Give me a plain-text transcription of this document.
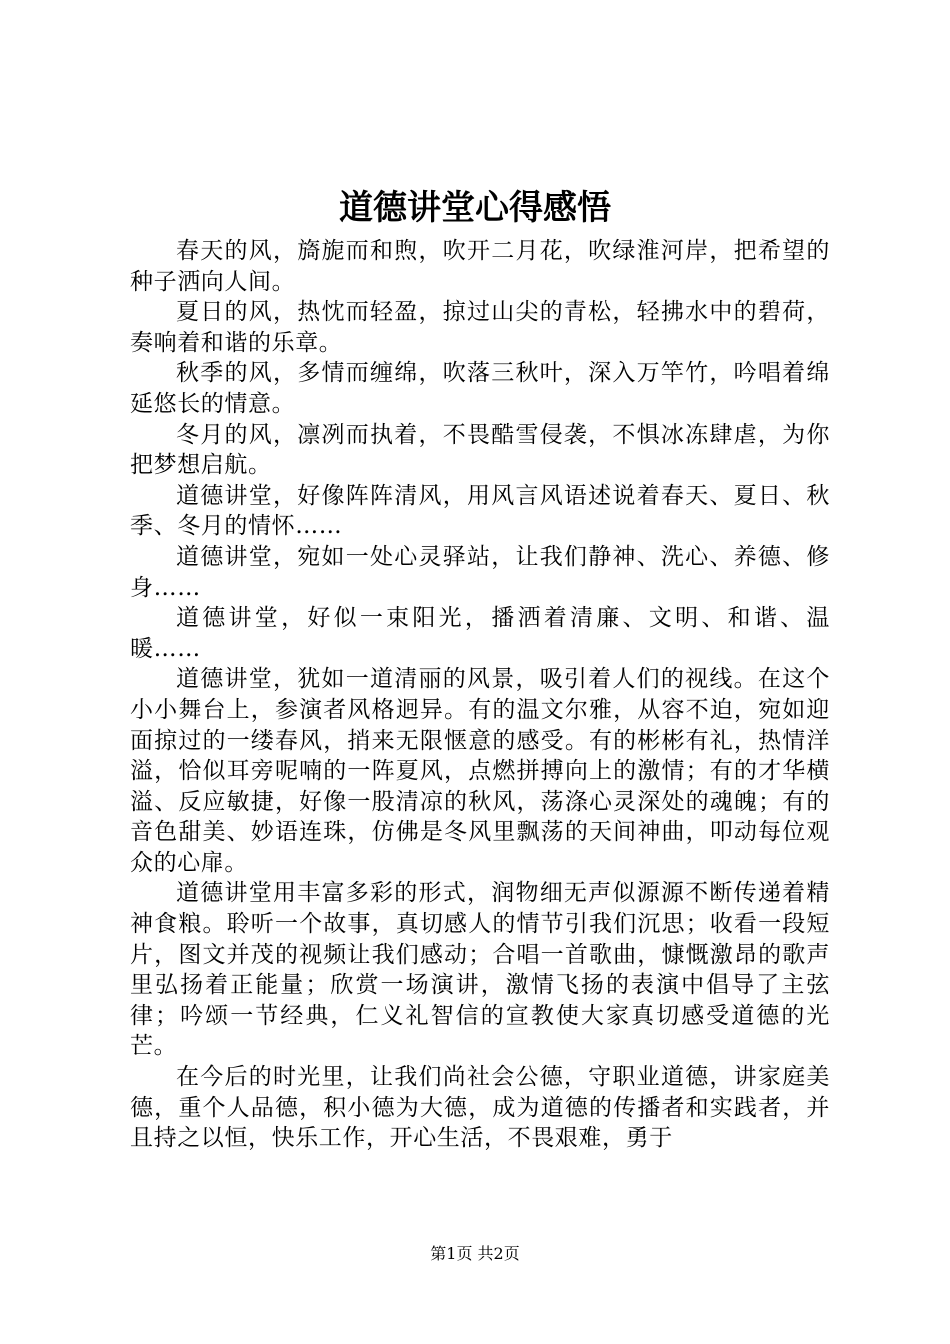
道德讲堂心得感悟

春天的风，旖旎而和煦，吹开二月花，吹绿淮河岸，把希望的种子洒向人间。

夏日的风，热忱而轻盈，掠过山尖的青松，轻拂水中的碧荷，奏响着和谐的乐章。

秋季的风，多情而缠绵，吹落三秋叶，深入万竿竹，吟唱着绵延悠长的情意。

冬月的风，凛冽而执着，不畏酷雪侵袭，不惧冰冻肆虐，为你把梦想启航。

道德讲堂，好像阵阵清风，用风言风语述说着春天、夏日、秋季、冬月的情怀……

道德讲堂，宛如一处心灵驿站，让我们静神、洗心、养德、修身……

道德讲堂，好似一束阳光，播洒着清廉、文明、和谐、温暖……

道德讲堂，犹如一道清丽的风景，吸引着人们的视线。在这个小小舞台上，参演者风格迥异。有的温文尔雅，从容不迫，宛如迎面掠过的一缕春风，捎来无限惬意的感受。有的彬彬有礼，热情洋溢，恰似耳旁呢喃的一阵夏风，点燃拼搏向上的激情；有的才华横溢、反应敏捷，好像一股清凉的秋风，荡涤心灵深处的魂魄；有的音色甜美、妙语连珠，仿佛是冬风里飘荡的天间神曲，叩动每位观众的心扉。

道德讲堂用丰富多彩的形式，润物细无声似源源不断传递着精神食粮。聆听一个故事，真切感人的情节引我们沉思；收看一段短片，图文并茂的视频让我们感动；合唱一首歌曲，慷慨激昂的歌声里弘扬着正能量；欣赏一场演讲，激情飞扬的表演中倡导了主弦律；吟颂一节经典，仁义礼智信的宣教使大家真切感受道德的光芒。

在今后的时光里，让我们尚社会公德，守职业道德，讲家庭美德，重个人品德，积小德为大德，成为道德的传播者和实践者，并且持之以恒，快乐工作，开心生活，不畏艰难，勇于

第1页 共2页
